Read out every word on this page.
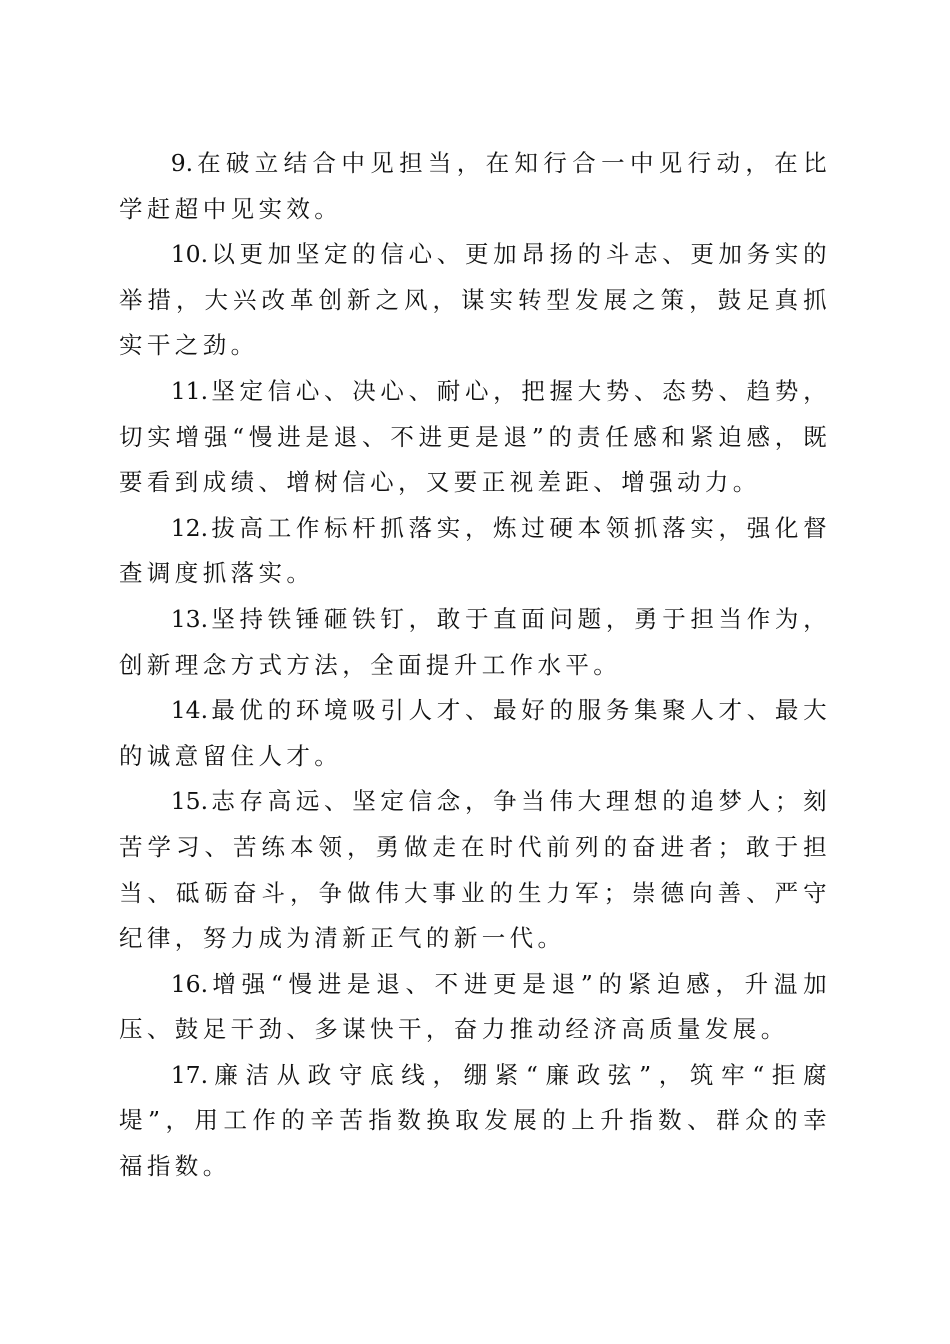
9. 在破立结合中见担当，在知行合一中见行动，在比学赶超中见实效。

10. 以更加坚定的信心、更加昂扬的斗志、更加务实的举措，大兴改革创新之风，谋实转型发展之策，鼓足真抓实干之劲。

11. 坚定信心、决心、耐心，把握大势、态势、趋势，切实增强“慢进是退、不进更是退”的责任感和紧迫感，既要看到成绩、增树信心，又要正视差距、增强动力。

12. 拔高工作标杆抓落实，炼过硬本领抓落实，强化督查调度抓落实。

13. 坚持铁锤砸铁钉，敢于直面问题，勇于担当作为，创新理念方式方法，全面提升工作水平。

14. 最优的环境吸引人才、最好的服务集聚人才、最大的诚意留住人才。

15. 志存高远、坚定信念，争当伟大理想的追梦人；刻苦学习、苦练本领，勇做走在时代前列的奋进者；敢于担当、砥砺奋斗，争做伟大事业的生力军；崇德向善、严守纪律，努力成为清新正气的新一代。

16. 增强“慢进是退、不进更是退”的紧迫感，升温加压、鼓足干劲、多谋快干，奋力推动经济高质量发展。

17. 廉洁从政守底线，绷紧“廉政弦”，筑牢“拒腐堤”，用工作的辛苦指数换取发展的上升指数、群众的幸福指数。
